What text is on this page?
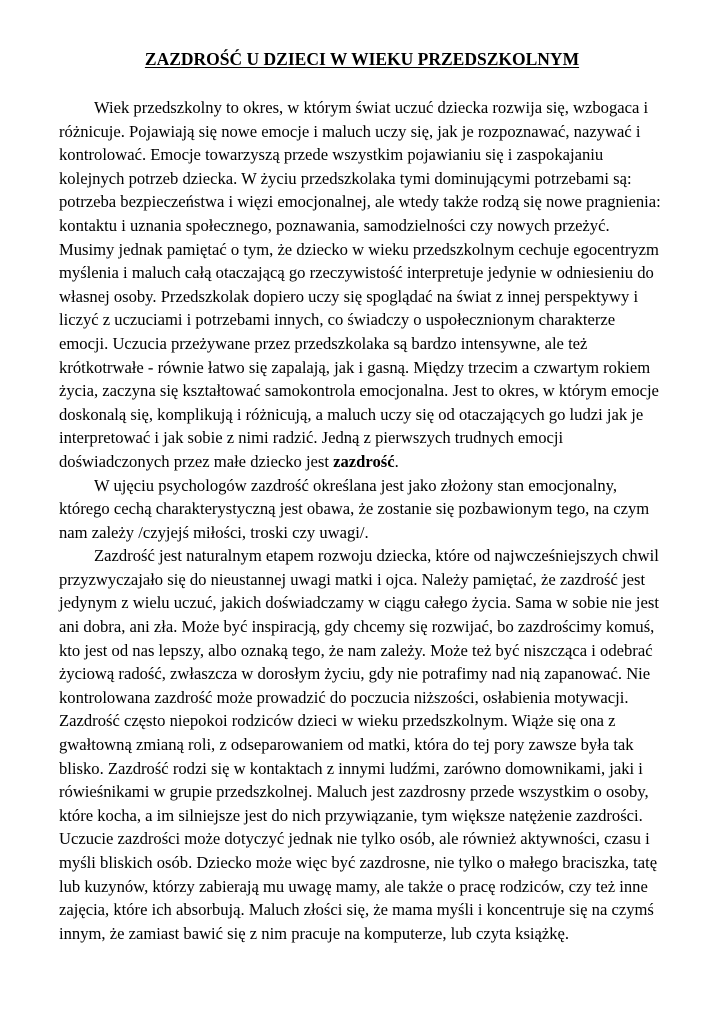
ZAZDROŚĆ U DZIECI W WIEKU PRZEDSZKOLNYM

Wiek przedszkolny to okres, w którym świat uczuć dziecka rozwija się, wzbogaca i różnicuje. Pojawiają się nowe emocje i maluch uczy się, jak je rozpoznawać, nazywać i kontrolować. Emocje towarzyszą przede wszystkim pojawianiu się i zaspokajaniu kolejnych potrzeb dziecka. W życiu przedszkolaka tymi dominującymi potrzebami są: potrzeba bezpieczeństwa i więzi emocjonalnej, ale wtedy także rodzą się nowe pragnienia: kontaktu i uznania społecznego, poznawania, samodzielności czy nowych przeżyć. Musimy jednak pamiętać o tym, że dziecko w wieku przedszkolnym cechuje egocentryzm myślenia i maluch całą otaczającą go rzeczywistość interpretuje jedynie w odniesieniu do własnej osoby. Przedszkolak dopiero uczy się spoglądać na świat z innej perspektywy i liczyć z uczuciami i potrzebami innych, co świadczy o uspołecznionym charakterze emocji. Uczucia przeżywane przez przedszkolaka są bardzo intensywne, ale też krótkotrwałe - równie łatwo się zapalają, jak i gasną. Między trzecim a czwartym rokiem życia, zaczyna się kształtować samokontrola emocjonalna. Jest to okres, w którym emocje doskonalą się, komplikują i różnicują, a maluch uczy się od otaczających go ludzi jak je interpretować i jak sobie z nimi radzić. Jedną z pierwszych trudnych emocji doświadczonych przez małe dziecko jest zazdrość.

W ujęciu psychologów zazdrość określana jest jako złożony stan emocjonalny, którego cechą charakterystyczną jest obawa, że zostanie się pozbawionym tego, na czym nam zależy /czyjejś miłości, troski czy uwagi/.

Zazdrość jest naturalnym etapem rozwoju dziecka, które od najwcześniejszych chwil przyzwyczajało się do nieustannej uwagi matki i ojca. Należy pamiętać, że zazdrość jest jedynym z wielu uczuć, jakich doświadczamy w ciągu całego życia. Sama w sobie nie jest ani dobra, ani zła. Może być inspiracją, gdy chcemy się rozwijać, bo zazdrościmy komuś, kto jest od nas lepszy, albo oznaką tego, że nam zależy. Może też być niszcząca i odebrać życiową radość, zwłaszcza w dorosłym życiu, gdy nie potrafimy nad nią zapanować. Nie kontrolowana zazdrość może prowadzić do poczucia niższości, osłabienia motywacji. Zazdrość często niepokoi rodziców dzieci w wieku przedszkolnym. Wiąże się ona z gwałtowną zmianą roli, z odseparowaniem od matki, która do tej pory zawsze była tak blisko. Zazdrość rodzi się w kontaktach z innymi ludźmi, zarówno domownikami, jaki i rówieśnikami w grupie przedszkolnej. Maluch jest zazdrosny przede wszystkim o osoby, które kocha, a im silniejsze jest do nich przywiązanie, tym większe natężenie zazdrości. Uczucie zazdrości może dotyczyć jednak nie tylko osób, ale również aktywności, czasu i myśli bliskich osób. Dziecko może więc być zazdrosne, nie tylko o małego braciszka, tatę lub kuzynów, którzy zabierają mu uwagę mamy, ale także o pracę rodziców, czy też inne zajęcia, które ich absorbują. Maluch złości się, że mama myśli i koncentruje się na czymś innym, że zamiast bawić się z nim pracuje na komputerze, lub czyta książkę.
